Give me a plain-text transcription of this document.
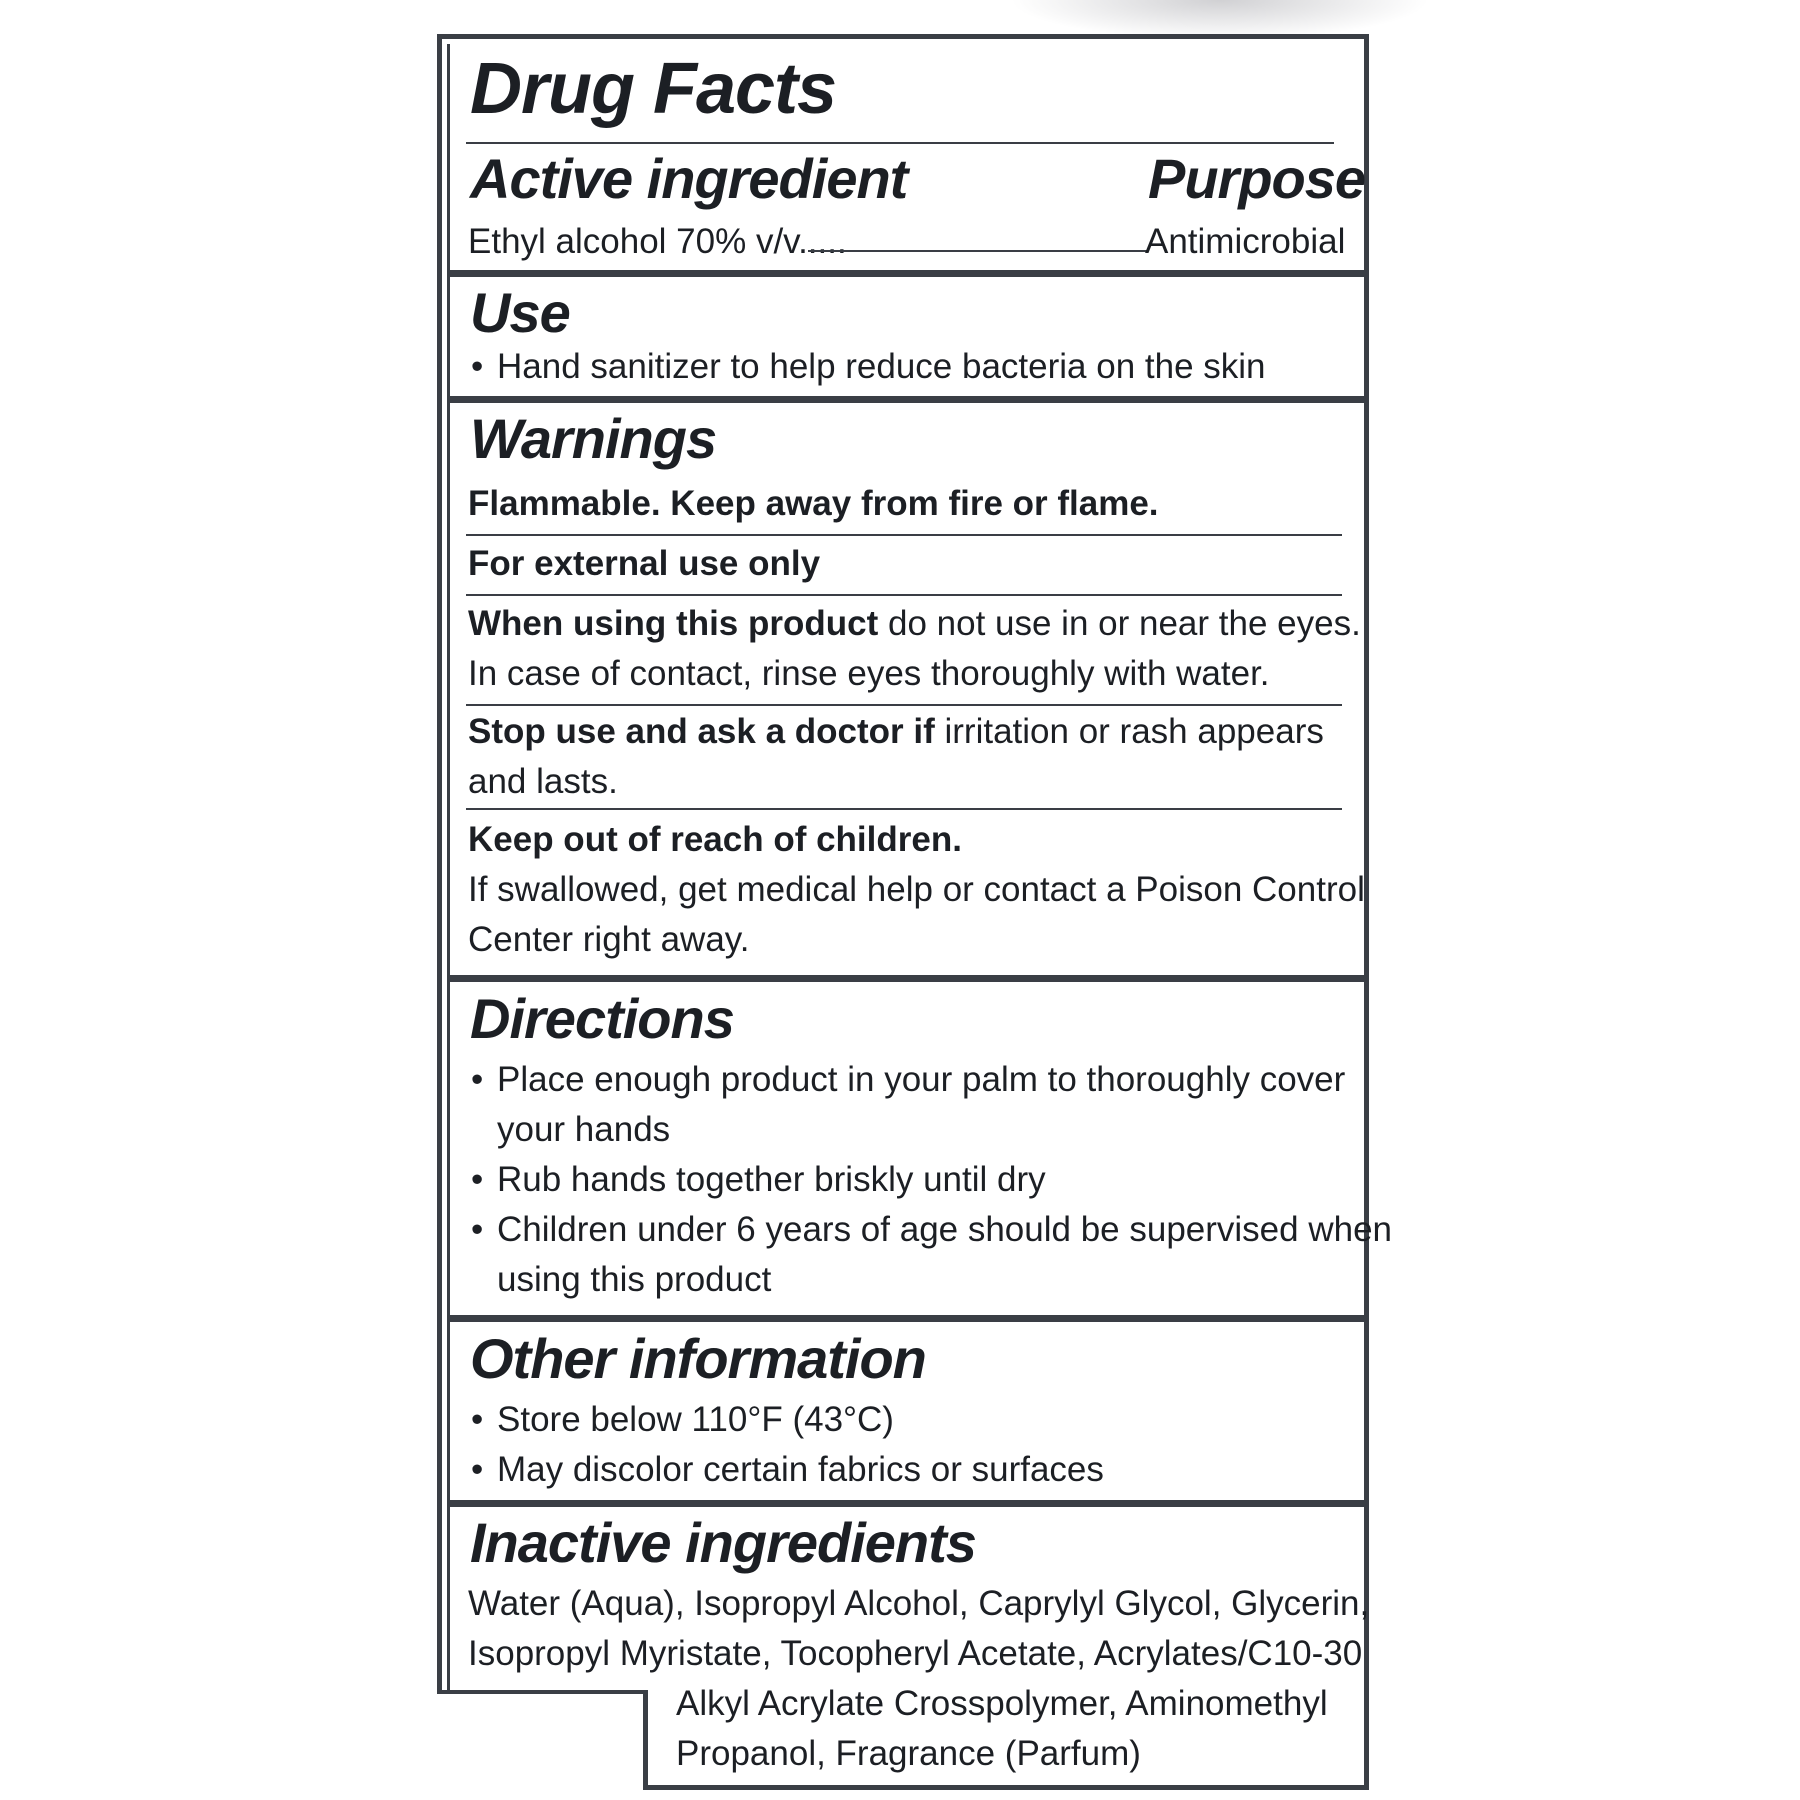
Drug Facts
Active ingredient	Purpose
Ethyl alcohol 70% v/v.....	Antimicrobial
Use
• Hand sanitizer to help reduce bacteria on the skin
Warnings
Flammable. Keep away from fire or flame.
For external use only
When using this product do not use in or near the eyes.
In case of contact, rinse eyes thoroughly with water.
Stop use and ask a doctor if irritation or rash appears
and lasts.
Keep out of reach of children.
If swallowed, get medical help or contact a Poison Control
Center right away.
Directions
• Place enough product in your palm to thoroughly cover
your hands
• Rub hands together briskly until dry
• Children under 6 years of age should be supervised when
using this product
Other information
• Store below 110°F (43°C)
• May discolor certain fabrics or surfaces
Inactive ingredients
Water (Aqua), Isopropyl Alcohol, Caprylyl Glycol, Glycerin,
Isopropyl Myristate, Tocopheryl Acetate, Acrylates/C10-30
Alkyl Acrylate Crosspolymer, Aminomethyl
Propanol, Fragrance (Parfum)
